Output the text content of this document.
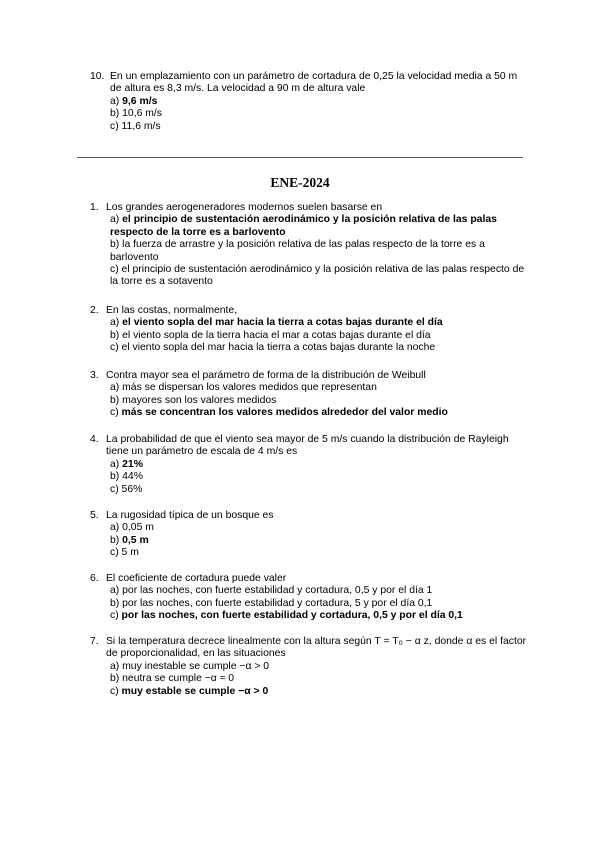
10. En un emplazamiento con un parámetro de cortadura de 0,25 la velocidad media a 50 m de altura es 8,3 m/s. La velocidad a 90 m de altura vale
a) 9,6 m/s
b) 10,6 m/s
c) 11,6 m/s
ENE-2024
1. Los grandes aerogeneradores modernos suelen basarse en
a) el principio de sustentación aerodinámico y la posición relativa de las palas respecto de la torre es a barlovento
b) la fuerza de arrastre y la posición relativa de las palas respecto de la torre es a barlovento
c) el principio de sustentación aerodinámico y la posición relativa de las palas respecto de la torre es a sotavento
2. En las costas, normalmente,
a) el viento sopla del mar hacia la tierra a cotas bajas durante el día
b) el viento sopla de la tierra hacia el mar a cotas bajas durante el día
c) el viento sopla del mar hacia la tierra a cotas bajas durante la noche
3. Contra mayor sea el parámetro de forma de la distribución de Weibull
a) más se dispersan los valores medidos que representan
b) mayores son los valores medidos
c) más se concentran los valores medidos alrededor del valor medio
4. La probabilidad de que el viento sea mayor de 5 m/s cuando la distribución de Rayleigh tiene un parámetro de escala de 4 m/s es
a) 21%
b) 44%
c) 56%
5. La rugosidad típica de un bosque es
a) 0,05 m
b) 0,5 m
c) 5 m
6. El coeficiente de cortadura puede valer
a) por las noches, con fuerte estabilidad y cortadura, 0,5 y por el día 1
b) por las noches, con fuerte estabilidad y cortadura, 5 y por el día 0,1
c) por las noches, con fuerte estabilidad y cortadura, 0,5 y por el día 0,1
7. Si la temperatura decrece linealmente con la altura según T = T₀ − α z, donde α es el factor de proporcionalidad, en las situaciones
a) muy inestable se cumple −α > 0
b) neutra se cumple −α ≈ 0
c) muy estable se cumple −α > 0
